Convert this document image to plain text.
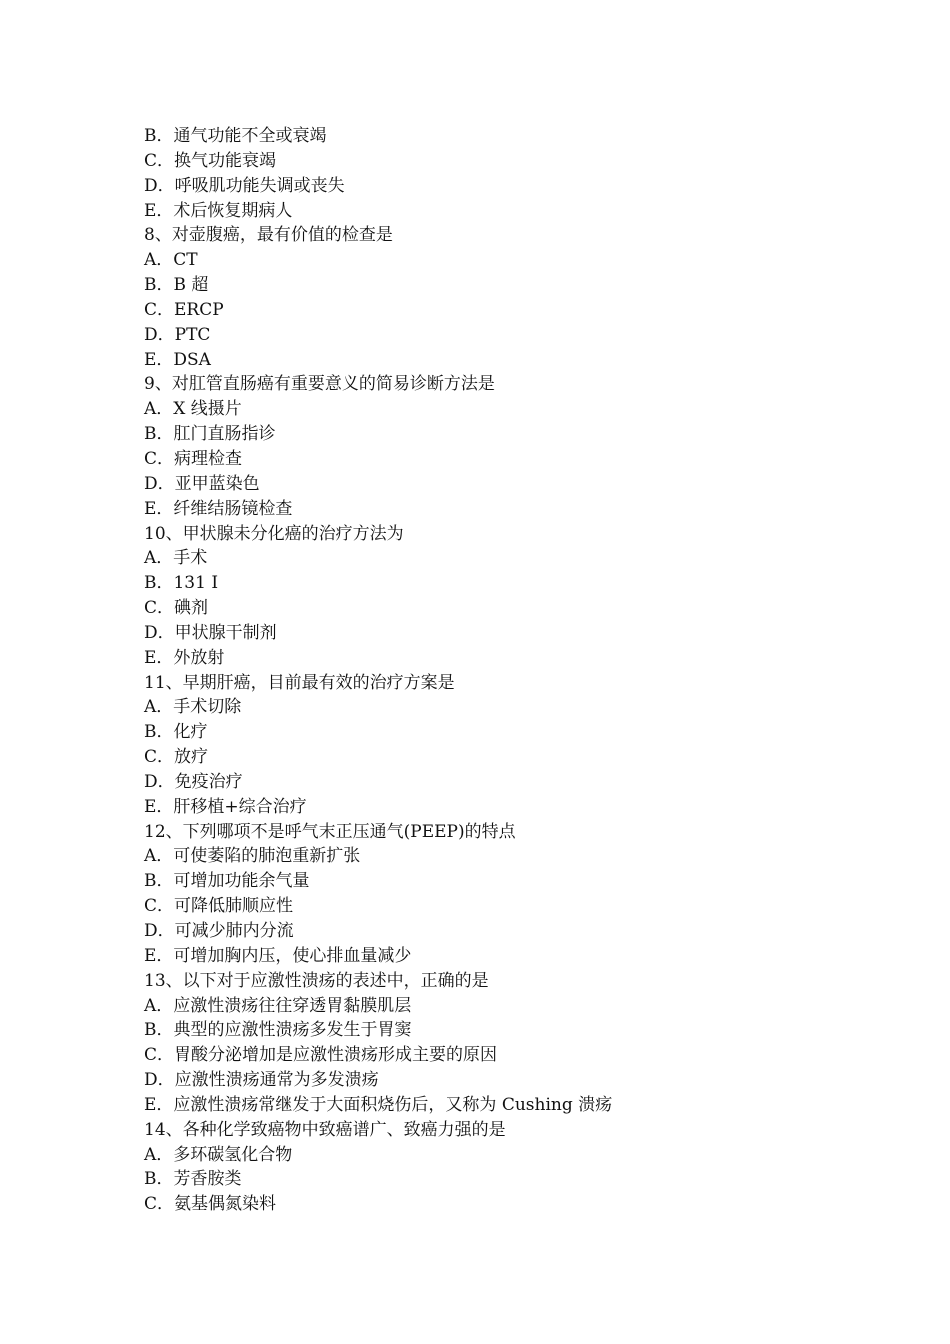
B．通气功能不全或衰竭
C．换气功能衰竭
D．呼吸肌功能失调或丧失
E．术后恢复期病人
8、对壶腹癌，最有价值的检查是
A．CT
B．B 超
C．ERCP
D．PTC
E．DSA
9、对肛管直肠癌有重要意义的简易诊断方法是
A．X 线摄片
B．肛门直肠指诊
C．病理检查
D．亚甲蓝染色
E．纤维结肠镜检查
10、甲状腺未分化癌的治疗方法为
A．手术
B．131 I
C．碘剂
D．甲状腺干制剂
E．外放射
11、早期肝癌，目前最有效的治疗方案是
A．手术切除
B．化疗
C．放疗
D．免疫治疗
E．肝移植+综合治疗
12、下列哪项不是呼气末正压通气(PEEP)的特点
A．可使萎陷的肺泡重新扩张
B．可增加功能余气量
C．可降低肺顺应性
D．可减少肺内分流
E．可增加胸内压，使心排血量减少
13、以下对于应激性溃疡的表述中，正确的是
A．应激性溃疡往往穿透胃黏膜肌层
B．典型的应激性溃疡多发生于胃窦
C．胃酸分泌增加是应激性溃疡形成主要的原因
D．应激性溃疡通常为多发溃疡
E．应激性溃疡常继发于大面积烧伤后，又称为 Cushing 溃疡
14、各种化学致癌物中致癌谱广、致癌力强的是
A．多环碳氢化合物
B．芳香胺类
C．氨基偶氮染料
